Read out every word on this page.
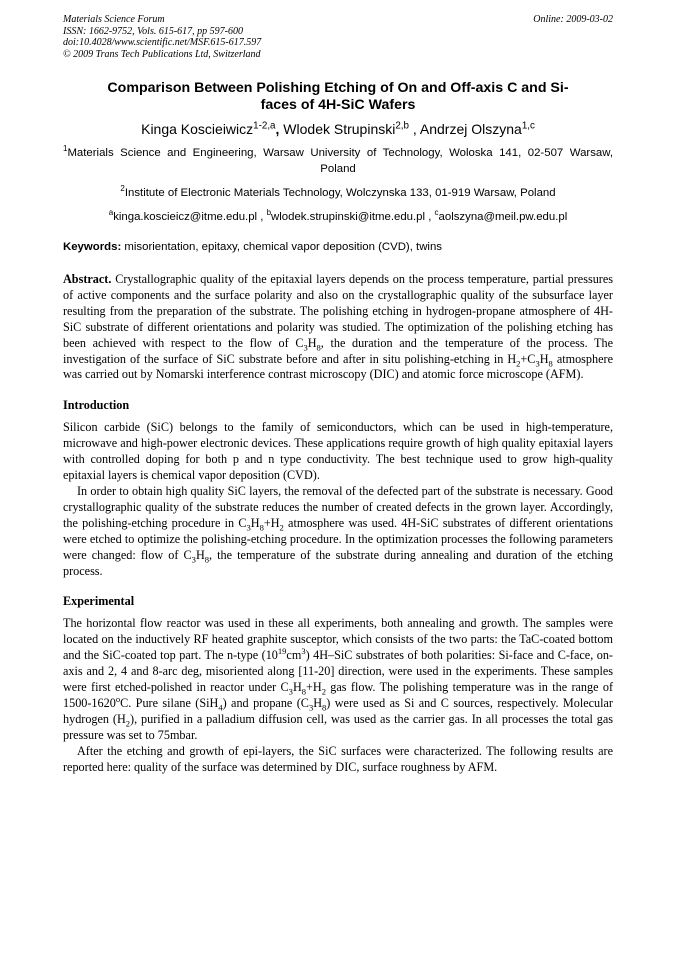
Materials Science Forum
ISSN: 1662-9752, Vols. 615-617, pp 597-600
doi:10.4028/www.scientific.net/MSF.615-617.597
© 2009 Trans Tech Publications Ltd, Switzerland
Online: 2009-03-02
Comparison Between Polishing Etching of On and Off-axis C and Si-
faces of 4H-SiC Wafers
Kinga Koscieiwicz$^{1-2,a}$, Wlodek Strupinski$^{2,b}$ , Andrzej Olszyna$^{1,c}$
$^1$Materials Science and Engineering, Warsaw University of Technology, Woloska 141, 02-507 Warsaw, Poland
$^2$Institute of Electronic Materials Technology, Wolczynska 133, 01-919 Warsaw, Poland
$^a$kinga.koscieicz@itme.edu.pl , $^b$wlodek.strupinski@itme.edu.pl , $^c$aolszyna@meil.pw.edu.pl
Keywords: misorientation, epitaxy, chemical vapor deposition (CVD), twins
Abstract. Crystallographic quality of the epitaxial layers depends on the process temperature, partial pressures of active components and the surface polarity and also on the crystallographic quality of the subsurface layer resulting from the preparation of the substrate. The polishing etching in hydrogen-propane atmosphere of 4H-SiC substrate of different orientations and polarity was studied. The optimization of the polishing etching has been achieved with respect to the flow of $C_3H_8$, the duration and the temperature of the process. The investigation of the surface of SiC substrate before and after in situ polishing-etching in $H_2+C_3H_8$ atmosphere was carried out by Nomarski interference contrast microscopy (DIC) and atomic force microscope (AFM).
Introduction
Silicon carbide (SiC) belongs to the family of semiconductors, which can be used in high-temperature, microwave and high-power electronic devices. These applications require growth of high quality epitaxial layers with controlled doping for both p and n type conductivity. The best technique used to grow high-quality epitaxial layers is chemical vapor deposition (CVD).
In order to obtain high quality SiC layers, the removal of the defected part of the substrate is necessary. Good crystallographic quality of the substrate reduces the number of created defects in the grown layer. Accordingly, the polishing-etching procedure in $C_3H_8+H_2$ atmosphere was used. 4H-SiC substrates of different orientations were etched to optimize the polishing-etching procedure. In the optimization processes the following parameters were changed: flow of $C_3H_8$, the temperature of the substrate during annealing and duration of the etching process.
Experimental
The horizontal flow reactor was used in these all experiments, both annealing and growth. The samples were located on the inductively RF heated graphite susceptor, which consists of the two parts: the TaC-coated bottom and the SiC-coated top part. The n-type $(10^{19}cm^3)$ 4H–SiC substrates of both polarities: Si-face and C-face, on-axis and 2, 4 and 8-arc deg, misoriented along [11-20] direction, were used in the experiments. These samples were first etched-polished in reactor under $C_3H_8+H_2$ gas flow. The polishing temperature was in the range of 1500-1620$^o$C. Pure silane (SiH$_4$) and propane $(C_3H_8)$ were used as Si and C sources, respectively. Molecular hydrogen $(H_2)$, purified in a palladium diffusion cell, was used as the carrier gas. In all processes the total gas pressure was set to 75mbar.
After the etching and growth of epi-layers, the SiC surfaces were characterized. The following results are reported here: quality of the surface was determined by DIC, surface roughness by AFM.
